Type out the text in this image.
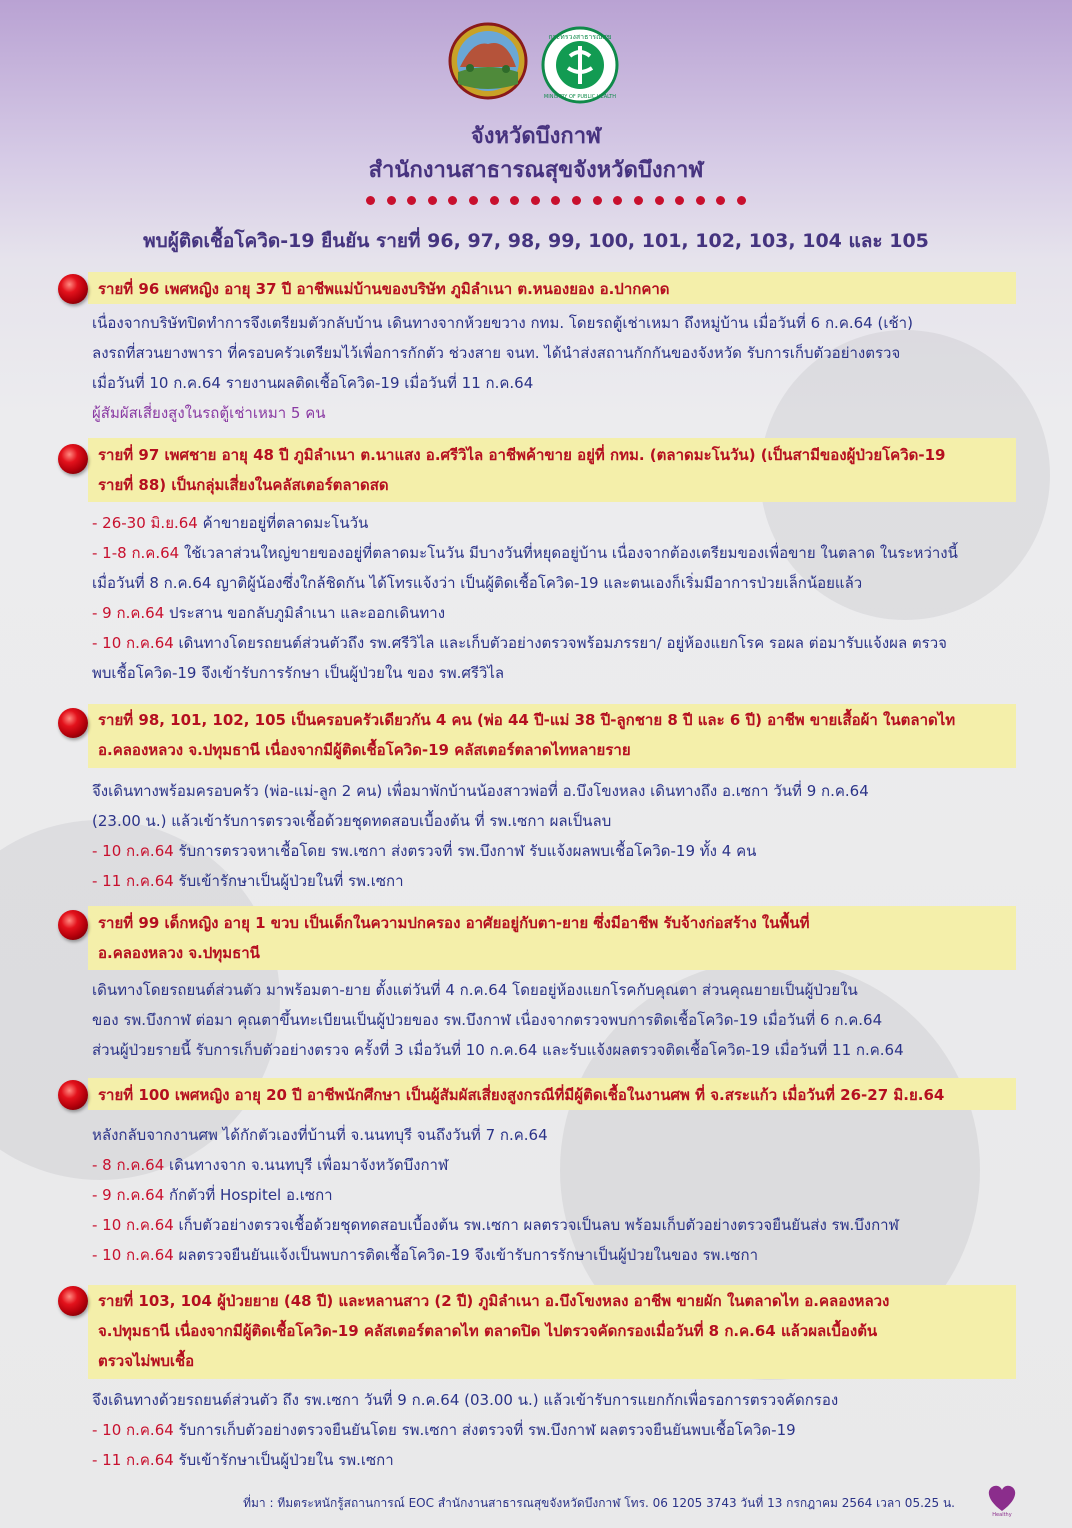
กระทรวงสาธารณสุข
MINISTRY OF PUBLIC HEALTH
จังหวัดบึงกาฬ
สำนักงานสาธารณสุขจังหวัดบึงกาฬ
พบผู้ติดเชื้อโควิด-19 ยืนยัน รายที่ 96, 97, 98, 99, 100, 101, 102, 103, 104 และ 105
รายที่ 96 เพศหญิง อายุ 37 ปี อาชีพแม่บ้านของบริษัท ภูมิลำเนา ต.หนองยอง อ.ปากคาด
เนื่องจากบริษัทปิดทำการจึงเตรียมตัวกลับบ้าน เดินทางจากห้วยขวาง กทม. โดยรถตู้เช่าเหมา ถึงหมู่บ้าน เมื่อวันที่ 6 ก.ค.64 (เช้า)
ลงรถที่สวนยางพารา ที่ครอบครัวเตรียมไว้เพื่อการกักตัว ช่วงสาย จนท. ได้นำส่งสถานกักกันของจังหวัด รับการเก็บตัวอย่างตรวจ
เมื่อวันที่ 10 ก.ค.64 รายงานผลติดเชื้อโควิด-19 เมื่อวันที่ 11 ก.ค.64
ผู้สัมผัสเสี่ยงสูงในรถตู้เช่าเหมา 5 คน
รายที่ 97 เพศชาย อายุ 48 ปี ภูมิลำเนา ต.นาแสง อ.ศรีวิไล อาชีพค้าขาย อยู่ที่ กทม. (ตลาดมะโนวัน) (เป็นสามีของผู้ป่วยโควิด-19
รายที่ 88) เป็นกลุ่มเสี่ยงในคลัสเตอร์ตลาดสด
- 26-30 มิ.ย.64 ค้าขายอยู่ที่ตลาดมะโนวัน
- 1-8 ก.ค.64 ใช้เวลาส่วนใหญ่ขายของอยู่ที่ตลาดมะโนวัน มีบางวันที่หยุดอยู่บ้าน เนื่องจากต้องเตรียมของเพื่อขาย ในตลาด ในระหว่างนี้
เมื่อวันที่ 8 ก.ค.64 ญาติผู้น้องซึ่งใกล้ชิดกัน ได้โทรแจ้งว่า เป็นผู้ติดเชื้อโควิด-19 และตนเองก็เริ่มมีอาการป่วยเล็กน้อยแล้ว
- 9 ก.ค.64 ประสาน ขอกลับภูมิลำเนา และออกเดินทาง
- 10 ก.ค.64 เดินทางโดยรถยนต์ส่วนตัวถึง รพ.ศรีวิไล และเก็บตัวอย่างตรวจพร้อมภรรยา/ อยู่ห้องแยกโรค รอผล ต่อมารับแจ้งผล ตรวจ
พบเชื้อโควิด-19 จึงเข้ารับการรักษา เป็นผู้ป่วยใน ของ รพ.ศรีวิไล
รายที่ 98, 101, 102, 105 เป็นครอบครัวเดียวกัน 4 คน (พ่อ 44 ปี-แม่ 38 ปี-ลูกชาย 8 ปี และ 6 ปี) อาชีพ ขายเสื้อผ้า ในตลาดไท
อ.คลองหลวง จ.ปทุมธานี เนื่องจากมีผู้ติดเชื้อโควิด-19 คลัสเตอร์ตลาดไทหลายราย
จึงเดินทางพร้อมครอบครัว (พ่อ-แม่-ลูก 2 คน) เพื่อมาพักบ้านน้องสาวพ่อที่ อ.บึงโขงหลง เดินทางถึง อ.เซกา วันที่ 9 ก.ค.64
(23.00 น.) แล้วเข้ารับการตรวจเชื้อด้วยชุดทดสอบเบื้องต้น ที่ รพ.เซกา ผลเป็นลบ
- 10 ก.ค.64 รับการตรวจหาเชื้อโดย รพ.เซกา ส่งตรวจที่ รพ.บึงกาฬ รับแจ้งผลพบเชื้อโควิด-19 ทั้ง 4 คน
- 11 ก.ค.64 รับเข้ารักษาเป็นผู้ป่วยในที่ รพ.เซกา
รายที่ 99 เด็กหญิง อายุ 1 ขวบ เป็นเด็กในความปกครอง อาศัยอยู่กับตา-ยาย ซึ่งมีอาชีพ รับจ้างก่อสร้าง ในพื้นที่
อ.คลองหลวง จ.ปทุมธานี
เดินทางโดยรถยนต์ส่วนตัว มาพร้อมตา-ยาย ตั้งแต่วันที่ 4 ก.ค.64 โดยอยู่ห้องแยกโรคกับคุณตา ส่วนคุณยายเป็นผู้ป่วยใน
ของ รพ.บึงกาฬ ต่อมา คุณตาขึ้นทะเบียนเป็นผู้ป่วยของ รพ.บึงกาฬ เนื่องจากตรวจพบการติดเชื้อโควิด-19 เมื่อวันที่ 6 ก.ค.64
ส่วนผู้ป่วยรายนี้ รับการเก็บตัวอย่างตรวจ ครั้งที่ 3 เมื่อวันที่ 10 ก.ค.64 และรับแจ้งผลตรวจติดเชื้อโควิด-19 เมื่อวันที่ 11 ก.ค.64
รายที่ 100 เพศหญิง อายุ 20 ปี อาชีพนักศึกษา เป็นผู้สัมผัสเสี่ยงสูงกรณีที่มีผู้ติดเชื้อในงานศพ ที่ จ.สระแก้ว เมื่อวันที่ 26-27 มิ.ย.64
หลังกลับจากงานศพ ได้กักตัวเองที่บ้านที่ จ.นนทบุรี จนถึงวันที่ 7 ก.ค.64
- 8 ก.ค.64 เดินทางจาก จ.นนทบุรี เพื่อมาจังหวัดบึงกาฬ
- 9 ก.ค.64 กักตัวที่ Hospitel อ.เซกา
- 10 ก.ค.64 เก็บตัวอย่างตรวจเชื้อด้วยชุดทดสอบเบื้องต้น รพ.เซกา ผลตรวจเป็นลบ พร้อมเก็บตัวอย่างตรวจยืนยันส่ง รพ.บึงกาฬ
- 10 ก.ค.64 ผลตรวจยืนยันแจ้งเป็นพบการติดเชื้อโควิด-19 จึงเข้ารับการรักษาเป็นผู้ป่วยในของ รพ.เซกา
รายที่ 103, 104 ผู้ป่วยยาย (48 ปี) และหลานสาว (2 ปี) ภูมิลำเนา อ.บึงโขงหลง อาชีพ ขายผัก ในตลาดไท อ.คลองหลวง
จ.ปทุมธานี เนื่องจากมีผู้ติดเชื้อโควิด-19 คลัสเตอร์ตลาดไท ตลาดปิด ไปตรวจคัดกรองเมื่อวันที่ 8 ก.ค.64 แล้วผลเบื้องต้น
ตรวจไม่พบเชื้อ
จึงเดินทางด้วยรถยนต์ส่วนตัว ถึง รพ.เซกา วันที่ 9 ก.ค.64 (03.00 น.) แล้วเข้ารับการแยกกักเพื่อรอการตรวจคัดกรอง
- 10 ก.ค.64 รับการเก็บตัวอย่างตรวจยืนยันโดย รพ.เซกา ส่งตรวจที่ รพ.บึงกาฬ ผลตรวจยืนยันพบเชื้อโควิด-19
- 11 ก.ค.64 รับเข้ารักษาเป็นผู้ป่วยใน รพ.เซกา
ที่มา : ทีมตระหนักรู้สถานการณ์ EOC สำนักงานสาธารณสุขจังหวัดบึงกาฬ โทร. 06 1205 3743 วันที่ 13 กรกฎาคม 2564 เวลา 05.25 น.
Healthy
